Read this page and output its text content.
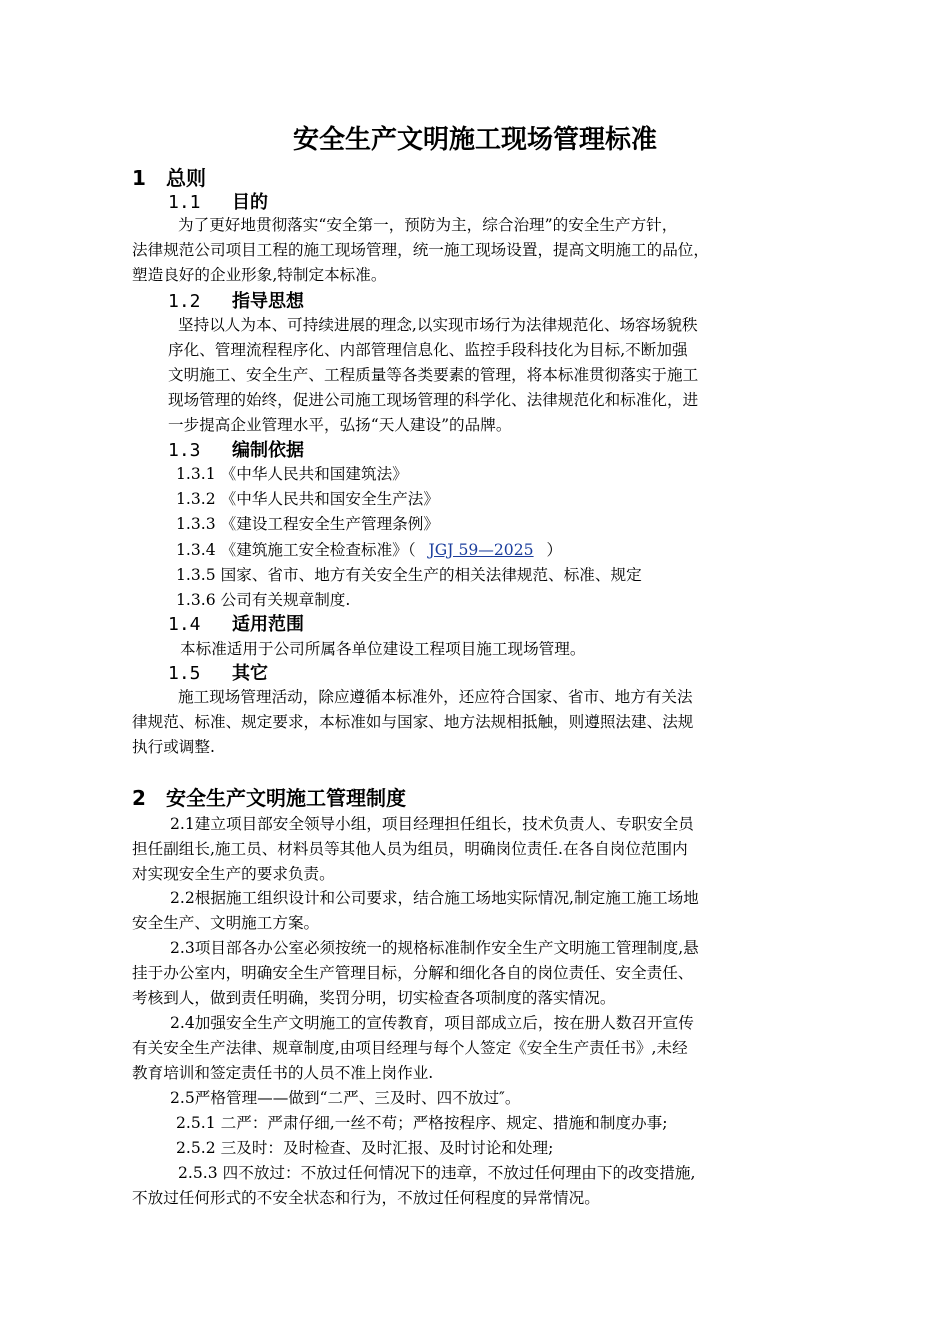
安全生产文明施工现场管理标准
1 总则
1.1 目的

为了更好地贯彻落实“安全第一，预防为主，综合治理”的安全生产方针，

法律规范公司项目工程的施工现场管理，统一施工现场设置，提高文明施工的品位，

塑造良好的企业形象,特制定本标准。

1.2 指导思想

坚持以人为本、可持续进展的理念,以实现市场行为法律规范化、场容场貌秩

序化、管理流程程序化、内部管理信息化、监控手段科技化为目标,不断加强

文明施工、安全生产、工程质量等各类要素的管理，将本标准贯彻落实于施工

现场管理的始终，促进公司施工现场管理的科学化、法律规范化和标准化，进

一步提高企业管理水平，弘扬“天人建设”的品牌。

1.3 编制依据
1.3.1 《中华人民共和国建筑法》
1.3.2 《中华人民共和国安全生产法》
1.3.3 《建设工程安全生产管理条例》
1.3.4 《建筑施工安全检查标准》（ JGJ 59—2025 ）
1.3.5 国家、省市、地方有关安全生产的相关法律规范、标准、规定
1.3.6 公司有关规章制度.
1.4 适用范围

本标准适用于公司所属各单位建设工程项目施工现场管理。

1.5 其它

施工现场管理活动，除应遵循本标准外，还应符合国家、省市、地方有关法

律规范、标准、规定要求，本标准如与国家、地方法规相抵触，则遵照法建、法规

执行或调整.

2 安全生产文明施工管理制度

2.1建立项目部安全领导小组，项目经理担任组长，技术负责人、专职安全员

担任副组长,施工员、材料员等其他人员为组员，明确岗位责任.在各自岗位范围内

对实现安全生产的要求负责。

2.2根据施工组织设计和公司要求，结合施工场地实际情况,制定施工施工场地

安全生产、文明施工方案。

2.3项目部各办公室必须按统一的规格标准制作安全生产文明施工管理制度,悬

挂于办公室内，明确安全生产管理目标，分解和细化各自的岗位责任、安全责任、

考核到人，做到责任明确，奖罚分明，切实检查各项制度的落实情况。

2.4加强安全生产文明施工的宣传教育，项目部成立后，按在册人数召开宣传

有关安全生产法律、规章制度,由项目经理与每个人签定《安全生产责任书》,未经

教育培训和签定责任书的人员不准上岗作业.

2.5严格管理——做到“二严、三及时、四不放过″。

2.5.1 二严：严肃仔细,一丝不苟；严格按程序、规定、措施和制度办事;
2.5.2 三及时：及时检查、及时汇报、及时讨论和处理;

2.5.3 四不放过：不放过任何情况下的违章，不放过任何理由下的改变措施,

不放过任何形式的不安全状态和行为，不放过任何程度的异常情况。
